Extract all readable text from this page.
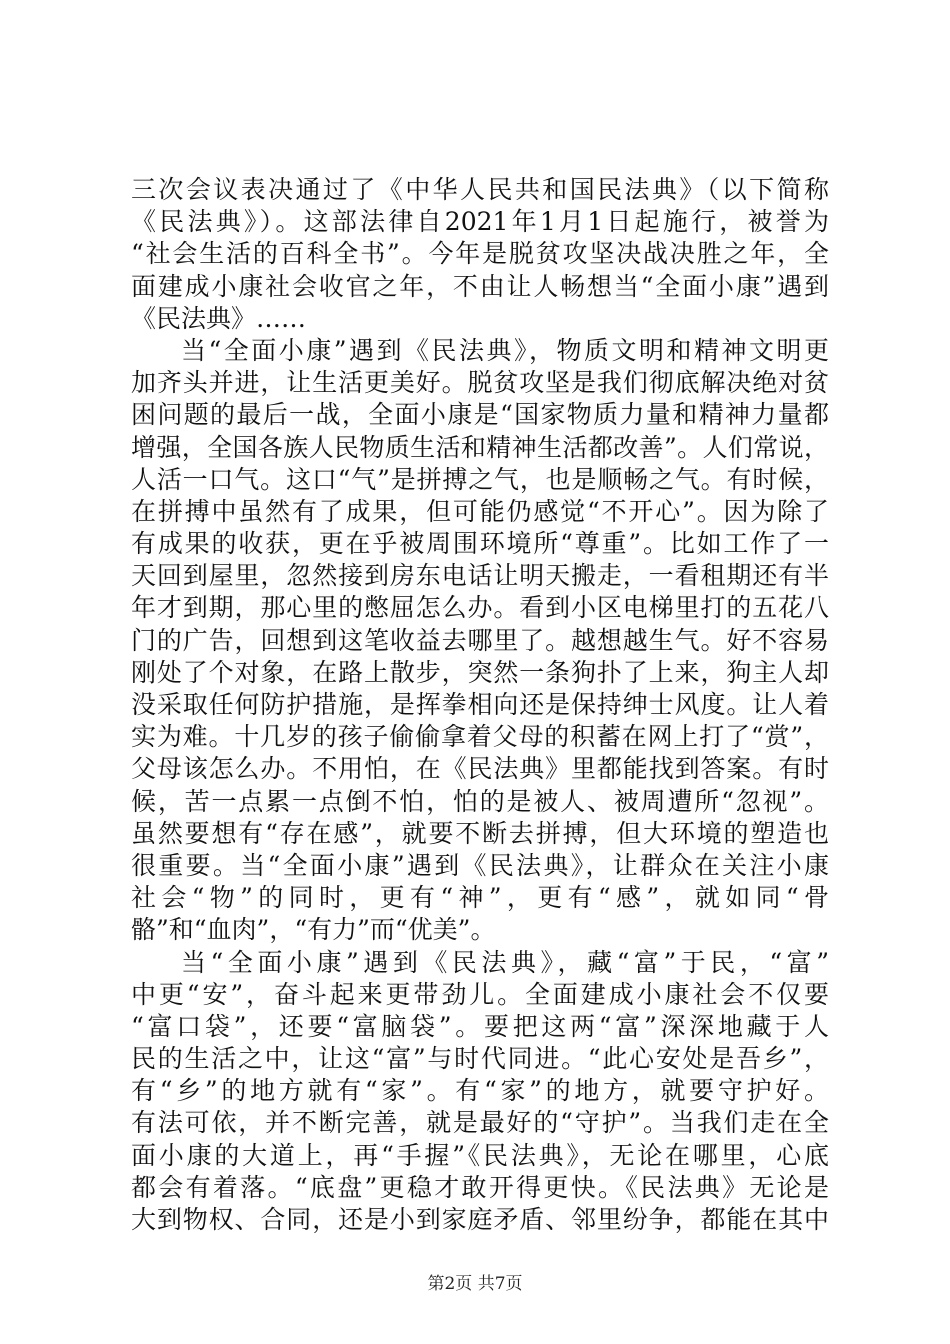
三次会议表决通过了《中华人民共和国民法典》（以下简称
《民法典》）。这部法律自2021年1月1日起施行，被誉为
“社会生活的百科全书”。今年是脱贫攻坚决战决胜之年，全
面建成小康社会收官之年，不由让人畅想当“全面小康”遇到
《民法典》……
当“全面小康”遇到《民法典》，物质文明和精神文明更
加齐头并进，让生活更美好。脱贫攻坚是我们彻底解决绝对贫
困问题的最后一战，全面小康是“国家物质力量和精神力量都
增强，全国各族人民物质生活和精神生活都改善”。人们常说，
人活一口气。这口“气”是拼搏之气，也是顺畅之气。有时候，
在拼搏中虽然有了成果，但可能仍感觉“不开心”。因为除了
有成果的收获，更在乎被周围环境所“尊重”。比如工作了一
天回到屋里，忽然接到房东电话让明天搬走，一看租期还有半
年才到期，那心里的憋屈怎么办。看到小区电梯里打的五花八
门的广告，回想到这笔收益去哪里了。越想越生气。好不容易
刚处了个对象，在路上散步，突然一条狗扑了上来，狗主人却
没采取任何防护措施，是挥拳相向还是保持绅士风度。让人着
实为难。十几岁的孩子偷偷拿着父母的积蓄在网上打了“赏”，
父母该怎么办。不用怕，在《民法典》里都能找到答案。有时
候，苦一点累一点倒不怕，怕的是被人、被周遭所“忽视”。
虽然要想有“存在感”，就要不断去拼搏，但大环境的塑造也
很重要。当“全面小康”遇到《民法典》，让群众在关注小康
社会“物”的同时，更有“神”，更有“感”，就如同“骨
骼”和“血肉”，“有力”而“优美”。
当“全面小康”遇到《民法典》，藏“富”于民，“富”
中更“安”，奋斗起来更带劲儿。全面建成小康社会不仅要
“富口袋”，还要“富脑袋”。要把这两“富”深深地藏于人
民的生活之中，让这“富”与时代同进。“此心安处是吾乡”，
有“乡”的地方就有“家”。有“家”的地方，就要守护好。
有法可依，并不断完善，就是最好的“守护”。当我们走在全
面小康的大道上，再“手握”《民法典》，无论在哪里，心底
都会有着落。“底盘”更稳才敢开得更快。《民法典》无论是
大到物权、合同，还是小到家庭矛盾、邻里纷争，都能在其中
第2页 共7页
